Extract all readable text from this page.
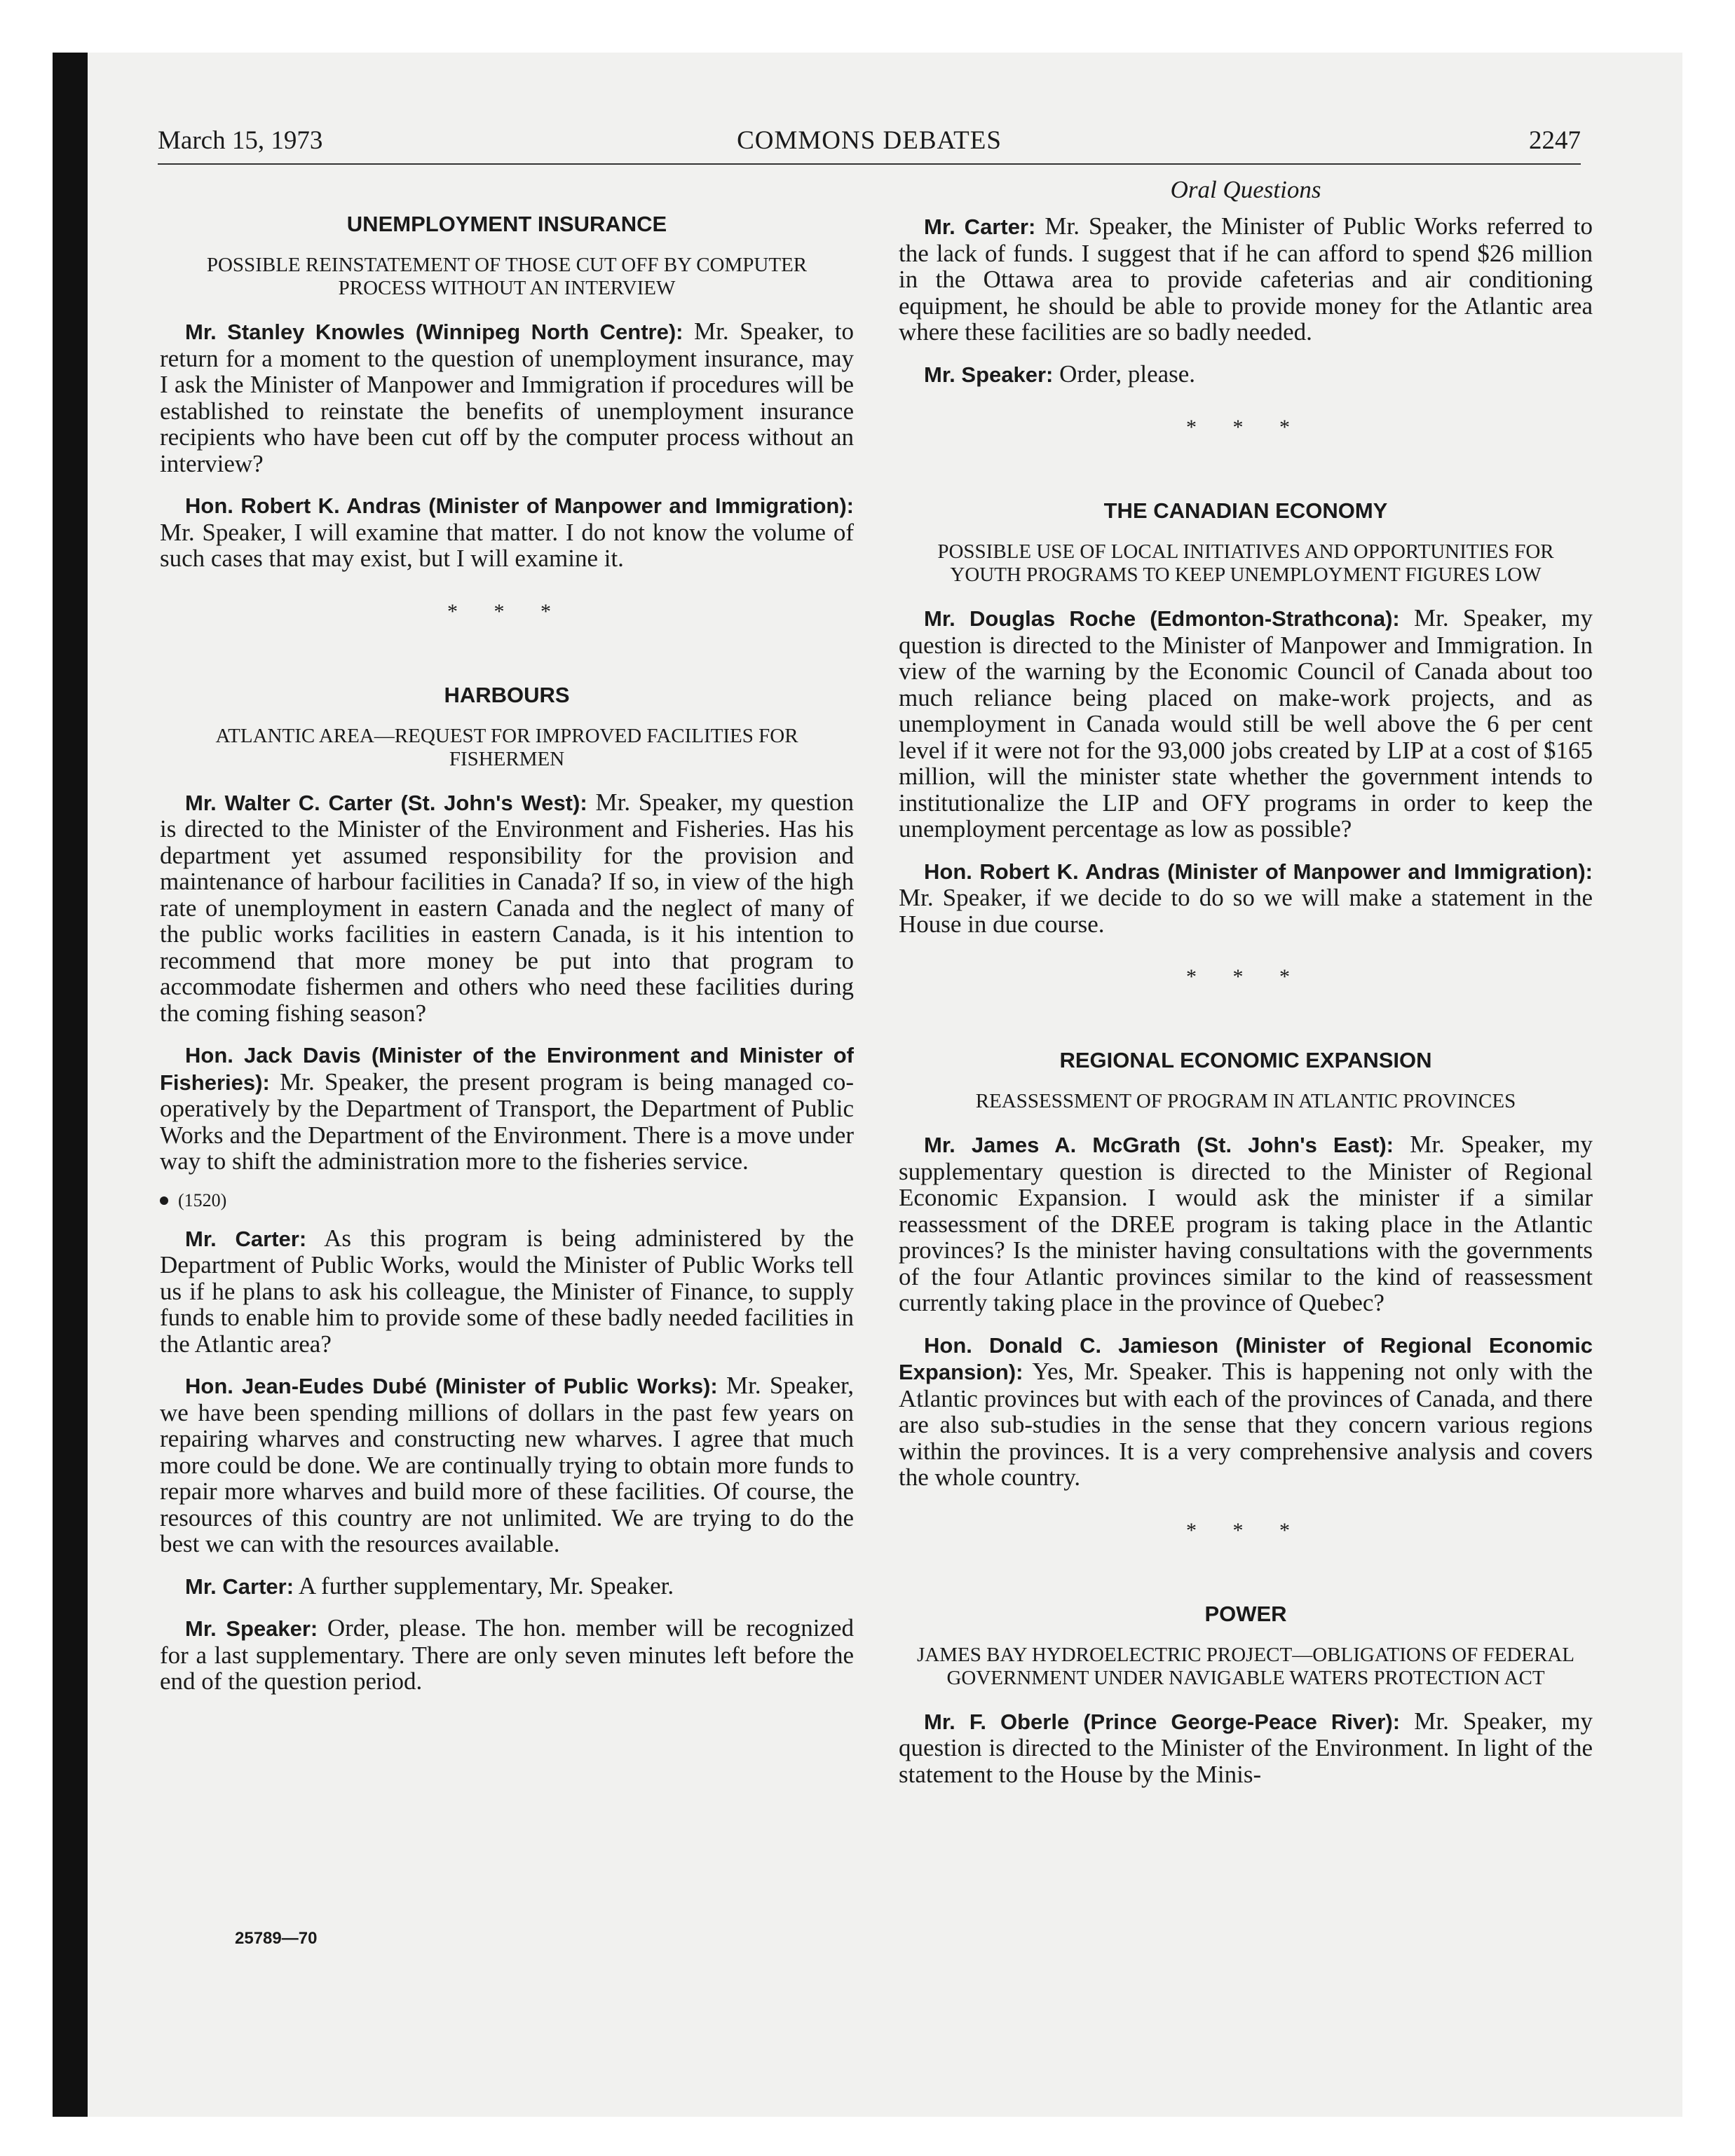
March 15, 1973	COMMONS DEBATES	2247
UNEMPLOYMENT INSURANCE
POSSIBLE REINSTATEMENT OF THOSE CUT OFF BY COMPUTER PROCESS WITHOUT AN INTERVIEW

Mr. Stanley Knowles (Winnipeg North Centre): Mr. Speaker, to return for a moment to the question of unemployment insurance, may I ask the Minister of Manpower and Immigration if procedures will be established to reinstate the benefits of unemployment insurance recipients who have been cut off by the computer process without an interview?

Hon. Robert K. Andras (Minister of Manpower and Immigration): Mr. Speaker, I will examine that matter. I do not know the volume of such cases that may exist, but I will examine it.

* * *
HARBOURS
ATLANTIC AREA—REQUEST FOR IMPROVED FACILITIES FOR FISHERMEN

Mr. Walter C. Carter (St. John's West): Mr. Speaker, my question is directed to the Minister of the Environment and Fisheries. Has his department yet assumed responsibility for the provision and maintenance of harbour facilities in Canada? If so, in view of the high rate of unemployment in eastern Canada and the neglect of many of the public works facilities in eastern Canada, is it his intention to recommend that more money be put into that program to accommodate fishermen and others who need these facilities during the coming fishing season?

Hon. Jack Davis (Minister of the Environment and Minister of Fisheries): Mr. Speaker, the present program is being managed co-operatively by the Department of Transport, the Department of Public Works and the Department of the Environment. There is a move under way to shift the administration more to the fisheries service.

(1520)

Mr. Carter: As this program is being administered by the Department of Public Works, would the Minister of Public Works tell us if he plans to ask his colleague, the Minister of Finance, to supply funds to enable him to provide some of these badly needed facilities in the Atlantic area?

Hon. Jean-Eudes Dubé (Minister of Public Works): Mr. Speaker, we have been spending millions of dollars in the past few years on repairing wharves and constructing new wharves. I agree that much more could be done. We are continually trying to obtain more funds to repair more wharves and build more of these facilities. Of course, the resources of this country are not unlimited. We are trying to do the best we can with the resources available.

Mr. Carter: A further supplementary, Mr. Speaker.

Mr. Speaker: Order, please. The hon. member will be recognized for a last supplementary. There are only seven minutes left before the end of the question period.

Oral Questions

Mr. Carter: Mr. Speaker, the Minister of Public Works referred to the lack of funds. I suggest that if he can afford to spend $26 million in the Ottawa area to provide cafeterias and air conditioning equipment, he should be able to provide money for the Atlantic area where these facilities are so badly needed.

Mr. Speaker: Order, please.

* * *
THE CANADIAN ECONOMY
POSSIBLE USE OF LOCAL INITIATIVES AND OPPORTUNITIES FOR YOUTH PROGRAMS TO KEEP UNEMPLOYMENT FIGURES LOW

Mr. Douglas Roche (Edmonton-Strathcona): Mr. Speaker, my question is directed to the Minister of Manpower and Immigration. In view of the warning by the Economic Council of Canada about too much reliance being placed on make-work projects, and as unemployment in Canada would still be well above the 6 per cent level if it were not for the 93,000 jobs created by LIP at a cost of $165 million, will the minister state whether the government intends to institutionalize the LIP and OFY programs in order to keep the unemployment percentage as low as possible?

Hon. Robert K. Andras (Minister of Manpower and Immigration): Mr. Speaker, if we decide to do so we will make a statement in the House in due course.

* * *
REGIONAL ECONOMIC EXPANSION
REASSESSMENT OF PROGRAM IN ATLANTIC PROVINCES

Mr. James A. McGrath (St. John's East): Mr. Speaker, my supplementary question is directed to the Minister of Regional Economic Expansion. I would ask the minister if a similar reassessment of the DREE program is taking place in the Atlantic provinces? Is the minister having consultations with the governments of the four Atlantic provinces similar to the kind of reassessment currently taking place in the province of Quebec?

Hon. Donald C. Jamieson (Minister of Regional Economic Expansion): Yes, Mr. Speaker. This is happening not only with the Atlantic provinces but with each of the provinces of Canada, and there are also sub-studies in the sense that they concern various regions within the provinces. It is a very comprehensive analysis and covers the whole country.

* * *
POWER
JAMES BAY HYDROELECTRIC PROJECT—OBLIGATIONS OF FEDERAL GOVERNMENT UNDER NAVIGABLE WATERS PROTECTION ACT

Mr. F. Oberle (Prince George-Peace River): Mr. Speaker, my question is directed to the Minister of the Environment. In light of the statement to the House by the Minis-

25789—70
